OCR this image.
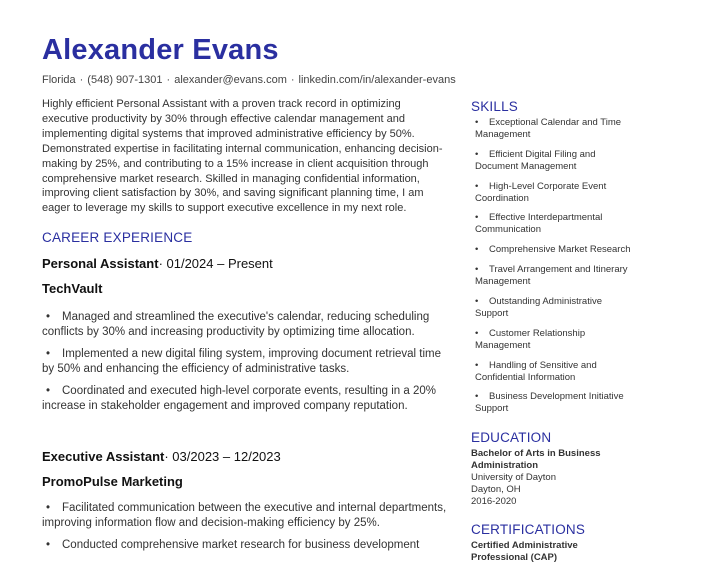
Alexander Evans
Florida · (548) 907-1301 · alexander@evans.com · linkedin.com/in/alexander-evans

Highly efficient Personal Assistant with a proven track record in optimizing executive productivity by 30% through effective calendar management and implementing digital systems that improved administrative efficiency by 50%. Demonstrated expertise in facilitating internal communication, enhancing decision-making by 25%, and contributing to a 15% increase in client acquisition through comprehensive market research. Skilled in managing confidential information, improving client satisfaction by 30%, and saving significant planning time, I am eager to leverage my skills to support executive excellence in my next role.

CAREER EXPERIENCE
Personal Assistant· 01/2024 – Present
TechVault
• Managed and streamlined the executive's calendar, reducing scheduling conflicts by 30% and increasing productivity by optimizing time allocation.
• Implemented a new digital filing system, improving document retrieval time by 50% and enhancing the efficiency of administrative tasks.
• Coordinated and executed high-level corporate events, resulting in a 20% increase in stakeholder engagement and improved company reputation.
Executive Assistant· 03/2023 – 12/2023
PromoPulse Marketing
• Facilitated communication between the executive and internal departments, improving information flow and decision-making efficiency by 25%.
• Conducted comprehensive market research for business development
SKILLS
• Exceptional Calendar and Time Management
• Efficient Digital Filing and Document Management
• High-Level Corporate Event Coordination
• Effective Interdepartmental Communication
• Comprehensive Market Research
• Travel Arrangement and Itinerary Management
• Outstanding Administrative Support
• Customer Relationship Management
• Handling of Sensitive and Confidential Information
• Business Development Initiative Support
EDUCATION
Bachelor of Arts in Business Administration
University of Dayton
Dayton, OH
2016-2020
CERTIFICATIONS
Certified Administrative Professional (CAP)
